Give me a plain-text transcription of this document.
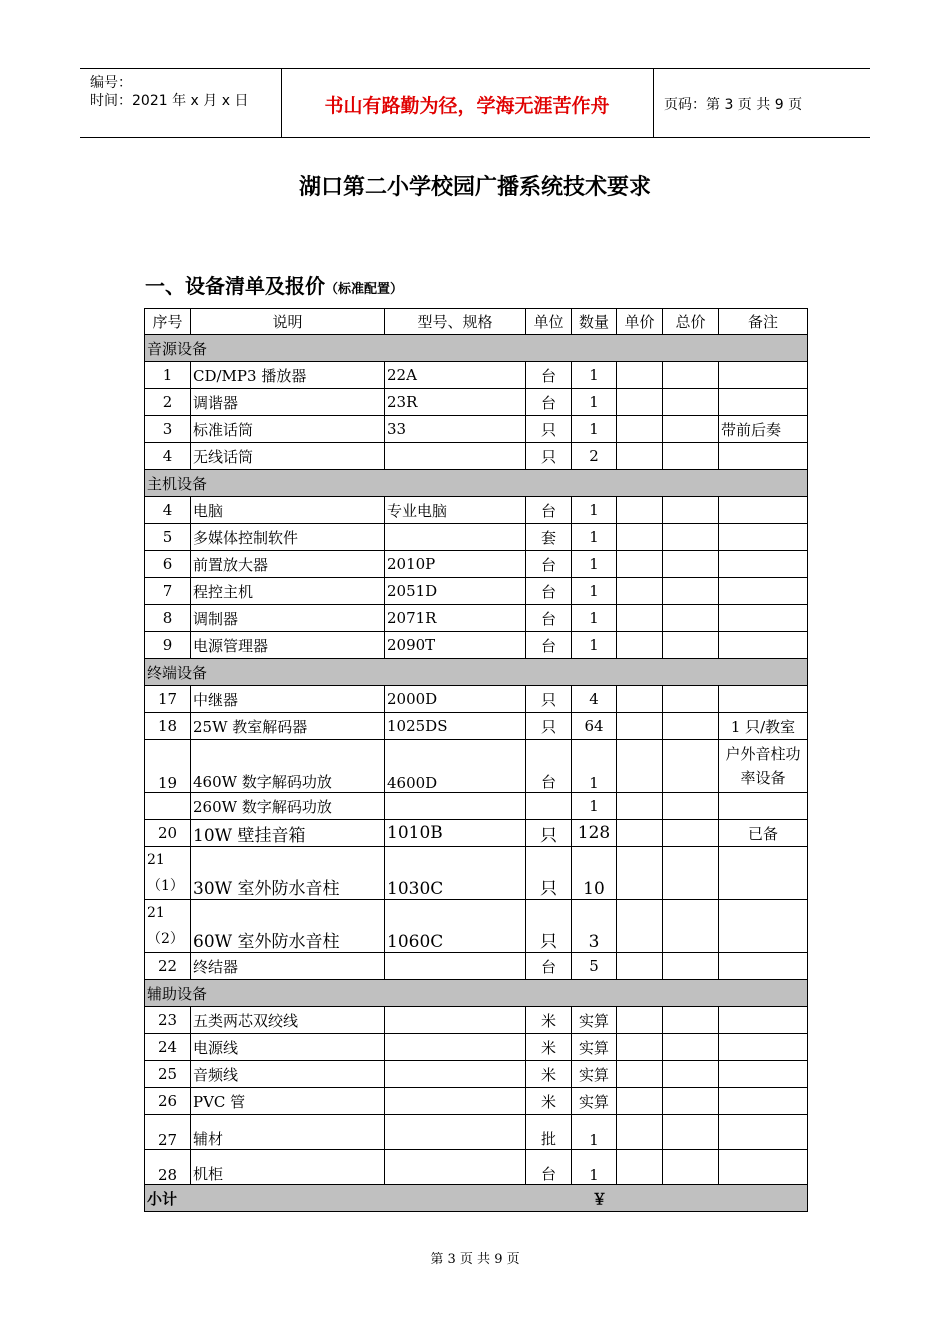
编号：
时间：2021 年 x 月 x 日	书山有路勤为径，学海无涯苦作舟	页码：第 3 页 共 9 页
湖口第二小学校园广播系统技术要求
一、设备清单及报价（标准配置）
序号	说明	型号、规格	单位	数量	单价	总价	备注
音源设备							
1	CD/MP3 播放器	22A	台	1			
2	调谐器	23R	台	1			
3	标准话筒	33	只	1			带前后奏
4	无线话筒		只	2			
主机设备							
4	电脑	专业电脑	台	1			
5	多媒体控制软件		套	1			
6	前置放大器	2010P	台	1			
7	程控主机	2051D	台	1			
8	调制器	2071R	台	1			
9	电源管理器	2090T	台	1			
终端设备							
17	中继器	2000D	只	4			
18	25W 教室解码器	1025DS	只	64			1 只/教室
19	460W 数字解码功放	4600D	台	1			户外音柱功率设备
	260W 数字解码功放			1			
20	10W 壁挂音箱	1010B	只	128			已备
21（1）	30W 室外防水音柱	1030C	只	10			
21（2）	60W 室外防水音柱	1060C	只	3			
22	终结器		台	5			
辅助设备							
23	五类两芯双绞线		米	实算			
24	电源线		米	实算			
25	音频线		米	实算			
26	PVC 管		米	实算			
27	辅材		批	1			
28	机柜		台	1			
小计 ￥							
第 3 页 共 9 页
